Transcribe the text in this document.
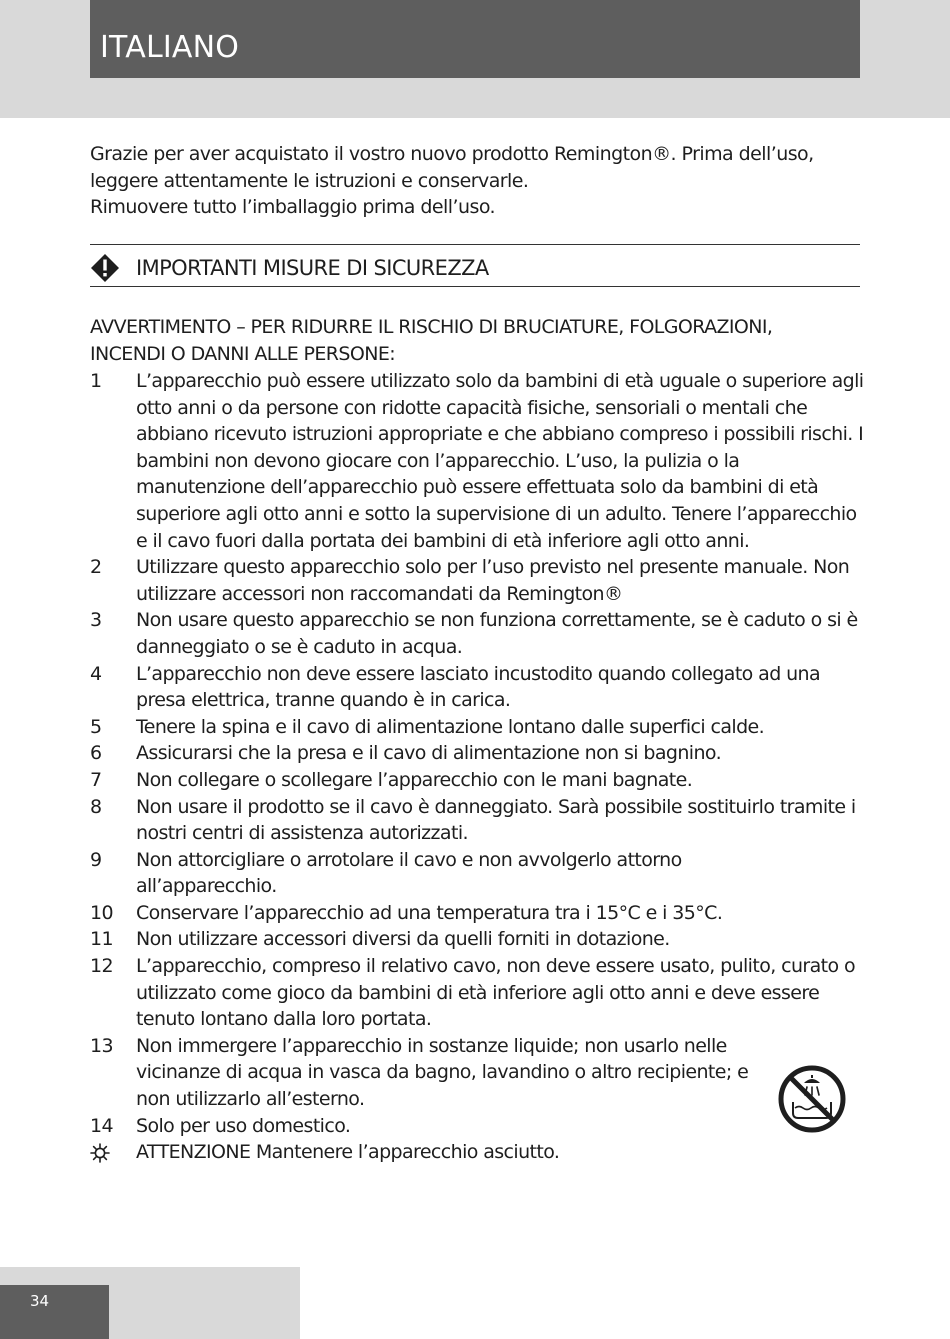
ITALIANO

Grazie per aver acquistato il vostro nuovo prodotto Remington®. Prima dell’uso,

leggere attentamente le istruzioni e conservarle.

Rimuovere tutto l’imballaggio prima dell’uso.

IMPORTANTI MISURE DI SICUREZZA

AVVERTIMENTO – PER RIDURRE IL RISCHIO DI BRUCIATURE, FOLGORAZIONI,

INCENDI O DANNI ALLE PERSONE:

1	L’apparecchio può essere utilizzato solo da bambini di età uguale o superiore agli otto anni o da persone con ridotte capacità fisiche, sensoriali o mentali che abbiano ricevuto istruzioni appropriate e che abbiano compreso i possibili rischi. I bambini non devono giocare con l’apparecchio. L’uso, la pulizia o la manutenzione dell’apparecchio può essere effettuata solo da bambini di età superiore agli otto anni e sotto la supervisione di un adulto. Tenere l’apparecchio e il cavo fuori dalla portata dei bambini di età inferiore agli otto anni.
2	Utilizzare questo apparecchio solo per l’uso previsto nel presente manuale. Non utilizzare accessori non raccomandati da Remington®
3	Non usare questo apparecchio se non funziona correttamente, se è caduto o si è danneggiato o se è caduto in acqua.
4	L’apparecchio non deve essere lasciato incustodito quando collegato ad una presa elettrica, tranne quando è in carica.
5	Tenere la spina e il cavo di alimentazione lontano dalle superfici calde.
6	Assicurarsi che la presa e il cavo di alimentazione non si bagnino.
7	Non collegare o scollegare l’apparecchio con le mani bagnate.
8	Non usare il prodotto se il cavo è danneggiato. Sarà possibile sostituirlo tramite i nostri centri di assistenza autorizzati.
9	Non attorcigliare o arrotolare il cavo e non avvolgerlo attorno all’apparecchio.
10	Conservare l’apparecchio ad una temperatura tra i 15°C e i 35°C.
11	Non utilizzare accessori diversi da quelli forniti in dotazione.
12	L’apparecchio, compreso il relativo cavo, non deve essere usato, pulito, curato o utilizzato come gioco da bambini di età inferiore agli otto anni e deve essere tenuto lontano dalla loro portata.
13	Non immergere l’apparecchio in sostanze liquide; non usarlo nelle vicinanze di acqua in vasca da bagno, lavandino o altro recipiente; e non utilizzarlo all’esterno.
14	Solo per uso domestico.
ATTENZIONE Mantenere l’apparecchio asciutto.
34
